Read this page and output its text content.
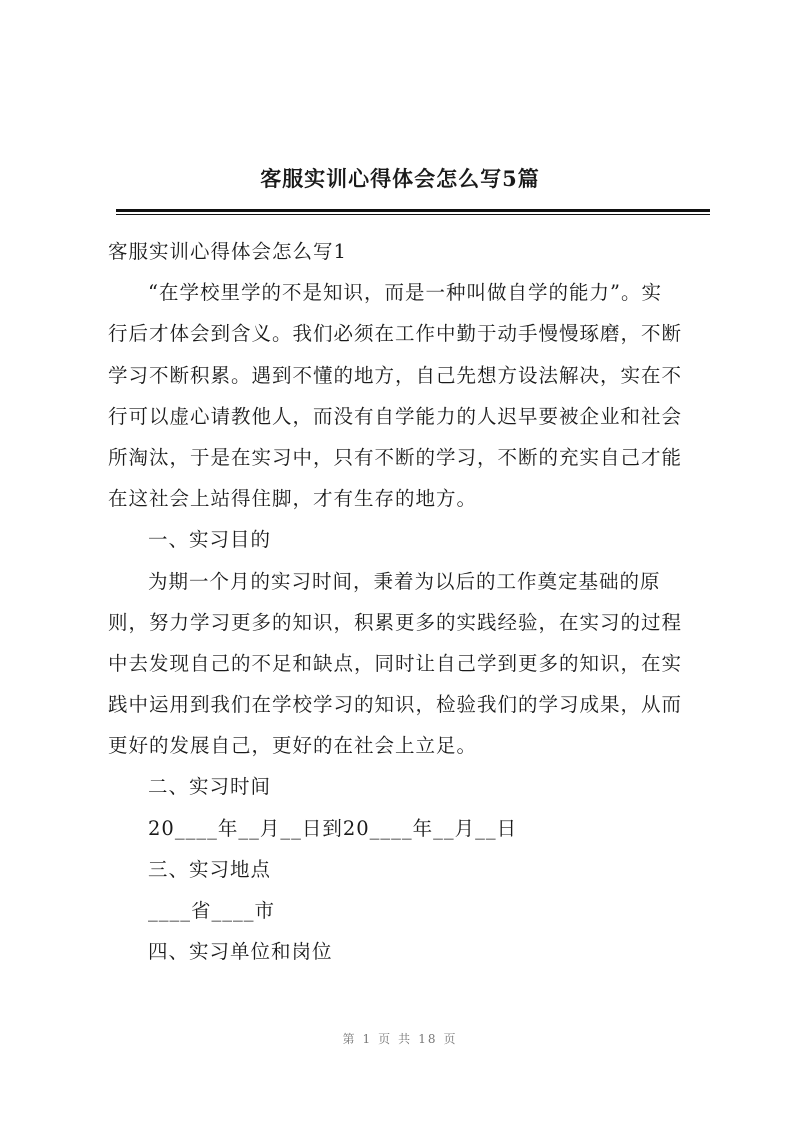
客服实训心得体会怎么写5篇
客服实训心得体会怎么写1
“在学校里学的不是知识，而是一种叫做自学的能力”。实
行后才体会到含义。我们必须在工作中勤于动手慢慢琢磨，不断
学习不断积累。遇到不懂的地方，自己先想方设法解决，实在不
行可以虚心请教他人，而没有自学能力的人迟早要被企业和社会
所淘汰，于是在实习中，只有不断的学习，不断的充实自己才能
在这社会上站得住脚，才有生存的地方。
一、实习目的
为期一个月的实习时间，秉着为以后的工作奠定基础的原
则，努力学习更多的知识，积累更多的实践经验，在实习的过程
中去发现自己的不足和缺点，同时让自己学到更多的知识，在实
践中运用到我们在学校学习的知识，检验我们的学习成果，从而
更好的发展自己，更好的在社会上立足。
二、实习时间
20____年__月__日到20____年__月__日
三、实习地点
____省____市
四、实习单位和岗位
第 1 页 共 18 页
